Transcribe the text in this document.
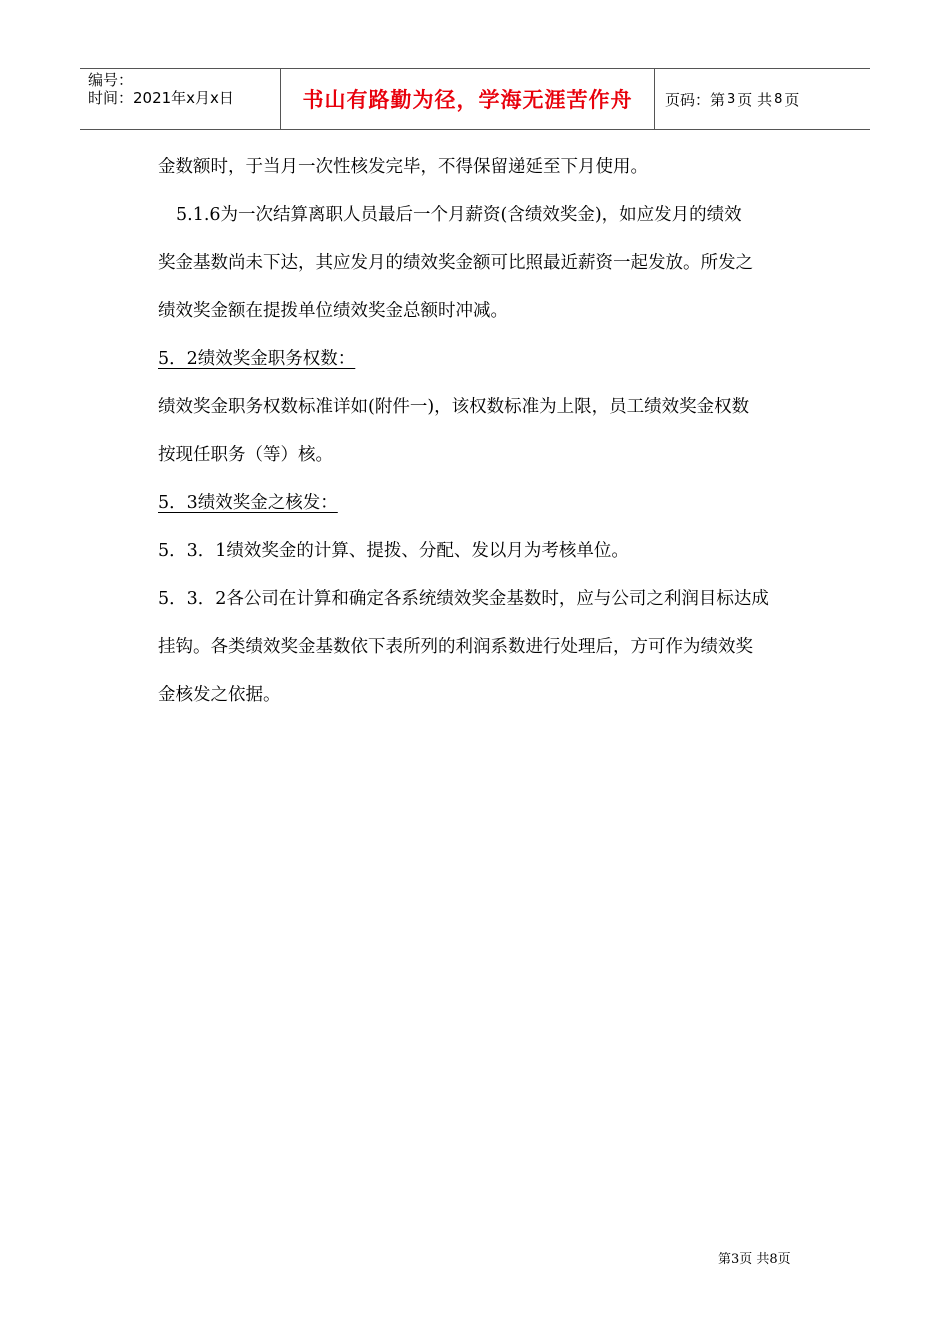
编号：
时间：2021年x月x日	书山有路勤为径，学海无涯苦作舟	页码：第 3 页 共 8 页
金数额时，于当月一次性核发完毕，不得保留递延至下月使用。
5.1.6为一次结算离职人员最后一个月薪资(含绩效奖金)，如应发月的绩效
奖金基数尚未下达，其应发月的绩效奖金额可比照最近薪资一起发放。所发之
绩效奖金额在提拨单位绩效奖金总额时冲减。
5．2绩效奖金职务权数：
绩效奖金职务权数标准详如(附件一)，该权数标准为上限，员工绩效奖金权数
按现任职务（等）核。
5．3绩效奖金之核发：
5．3．1绩效奖金的计算、提拨、分配、发以月为考核单位。
5．3．2各公司在计算和确定各系统绩效奖金基数时，应与公司之利润目标达成
挂钩。各类绩效奖金基数依下表所列的利润系数进行处理后，方可作为绩效奖
金核发之依据。
第3页 共8页
